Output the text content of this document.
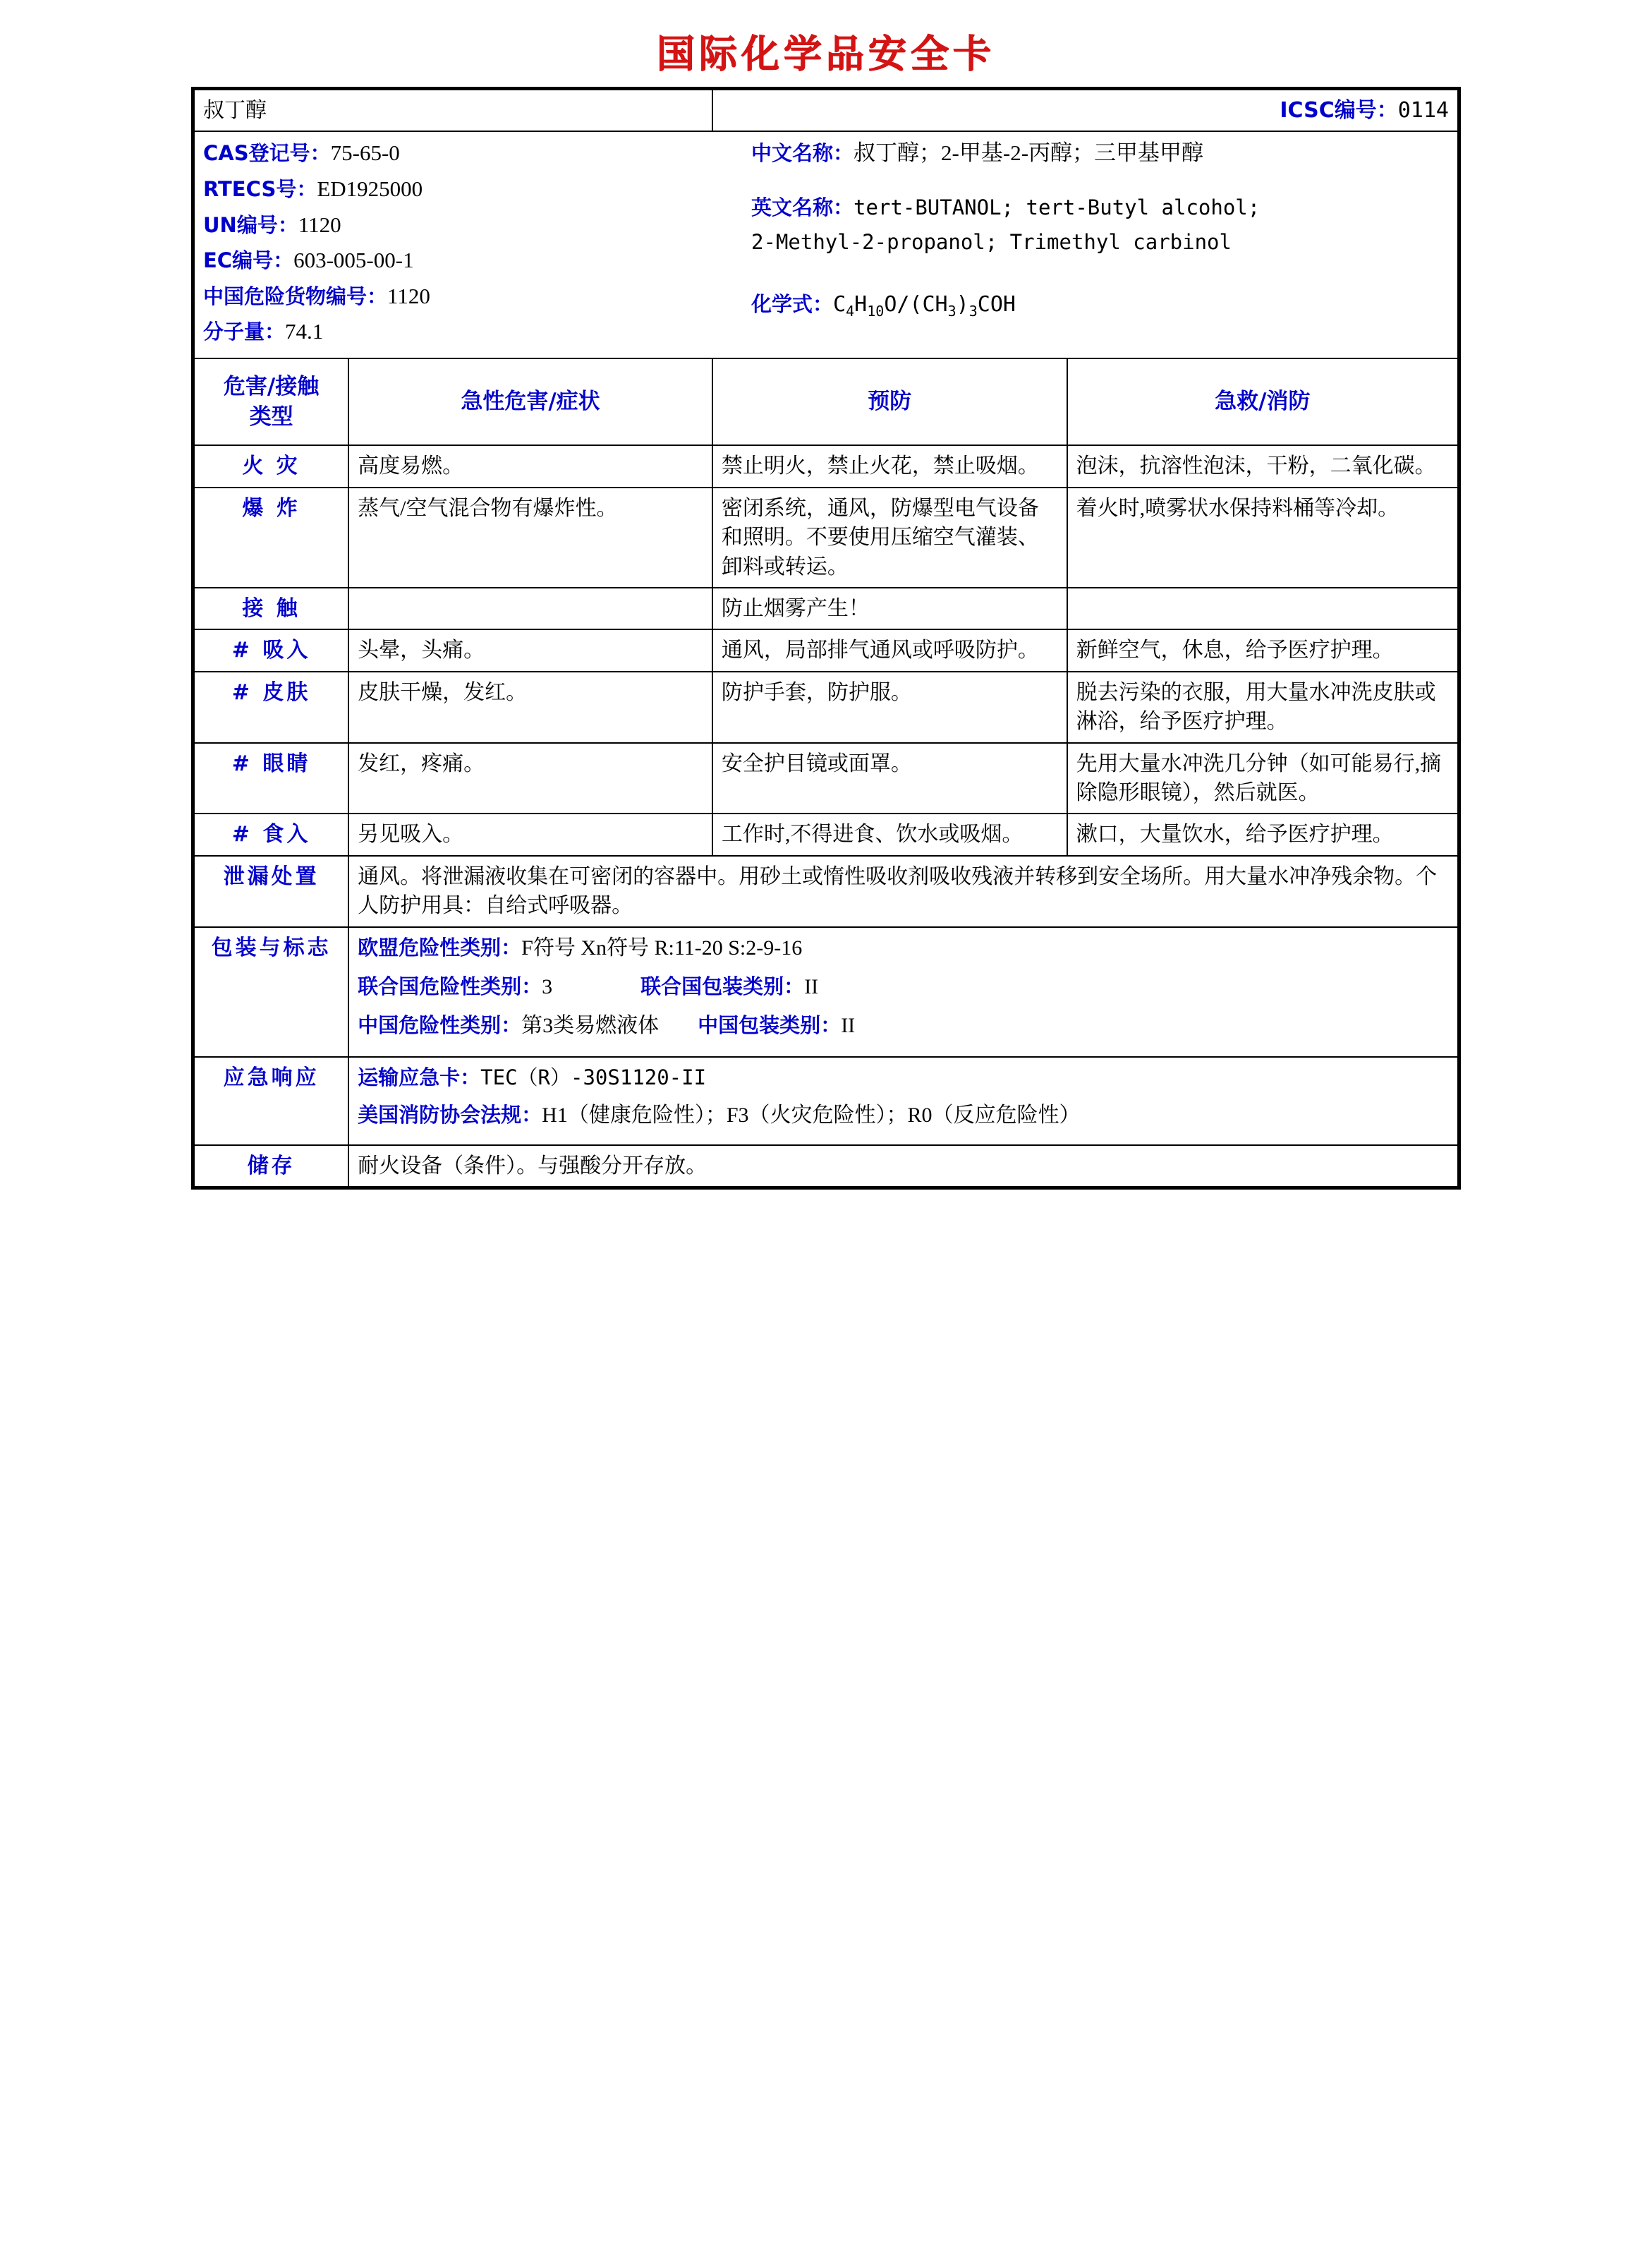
国际化学品安全卡
叔丁醇		ICSC编号：0114	

CAS登记号：75-65-0
RTECS号：ED1925000
UN编号：1120
EC编号：603-005-00-1
中国危险货物编号：1120
分子量：74.1
中文名称：叔丁醇；2-甲基-2-丙醇；三甲基甲醇
英文名称：tert-BUTANOL; tert-Butyl alcohol;
2-Methyl-2-propanol; Trimethyl carbinol
化学式：$C_4H_{10}O/(CH_3)_3COH$

危害/接触
类型	急性危害/症状	预防	急救/消防
火 灾	高度易燃。	禁止明火，禁止火花，禁止吸烟。	泡沫，抗溶性泡沫，干粉，二氧化碳。
爆 炸	蒸气/空气混合物有爆炸性。	密闭系统，通风，防爆型电气设备和照明。不要使用压缩空气灌装、卸料或转运。	着火时,喷雾状水保持料桶等冷却。
接 触		防止烟雾产生！	
# 吸入	头晕，头痛。	通风，局部排气通风或呼吸防护。	新鲜空气，休息，给予医疗护理。
# 皮肤	皮肤干燥，发红。	防护手套，防护服。	脱去污染的衣服，用大量水冲洗皮肤或淋浴，给予医疗护理。
# 眼睛	发红，疼痛。	安全护目镜或面罩。	先用大量水冲洗几分钟（如可能易行,摘除隐形眼镜），然后就医。
# 食入	另见吸入。	工作时,不得进食、饮水或吸烟。	漱口，大量饮水，给予医疗护理。
泄漏处置	通风。将泄漏液收集在可密闭的容器中。用砂土或惰性吸收剂吸收残液并转移到安全场所。用大量水冲净残余物。个人防护用具：自给式呼吸器。		
包装与标志	欧盟危险性类别：F符号 Xn符号 R:11-20 S:2-9-16
联合国危险性类别：3 联合国包装类别：II
中国危险性类别：第3类易燃液体 中国包装类别：II		

应急响应	运输应急卡：TEC（R）-30S1120-II
美国消防协会法规：H1（健康危险性）；F3（火灾危险性）；R0（反应危险性）		

储存	耐火设备（条件）。与强酸分开存放。		
